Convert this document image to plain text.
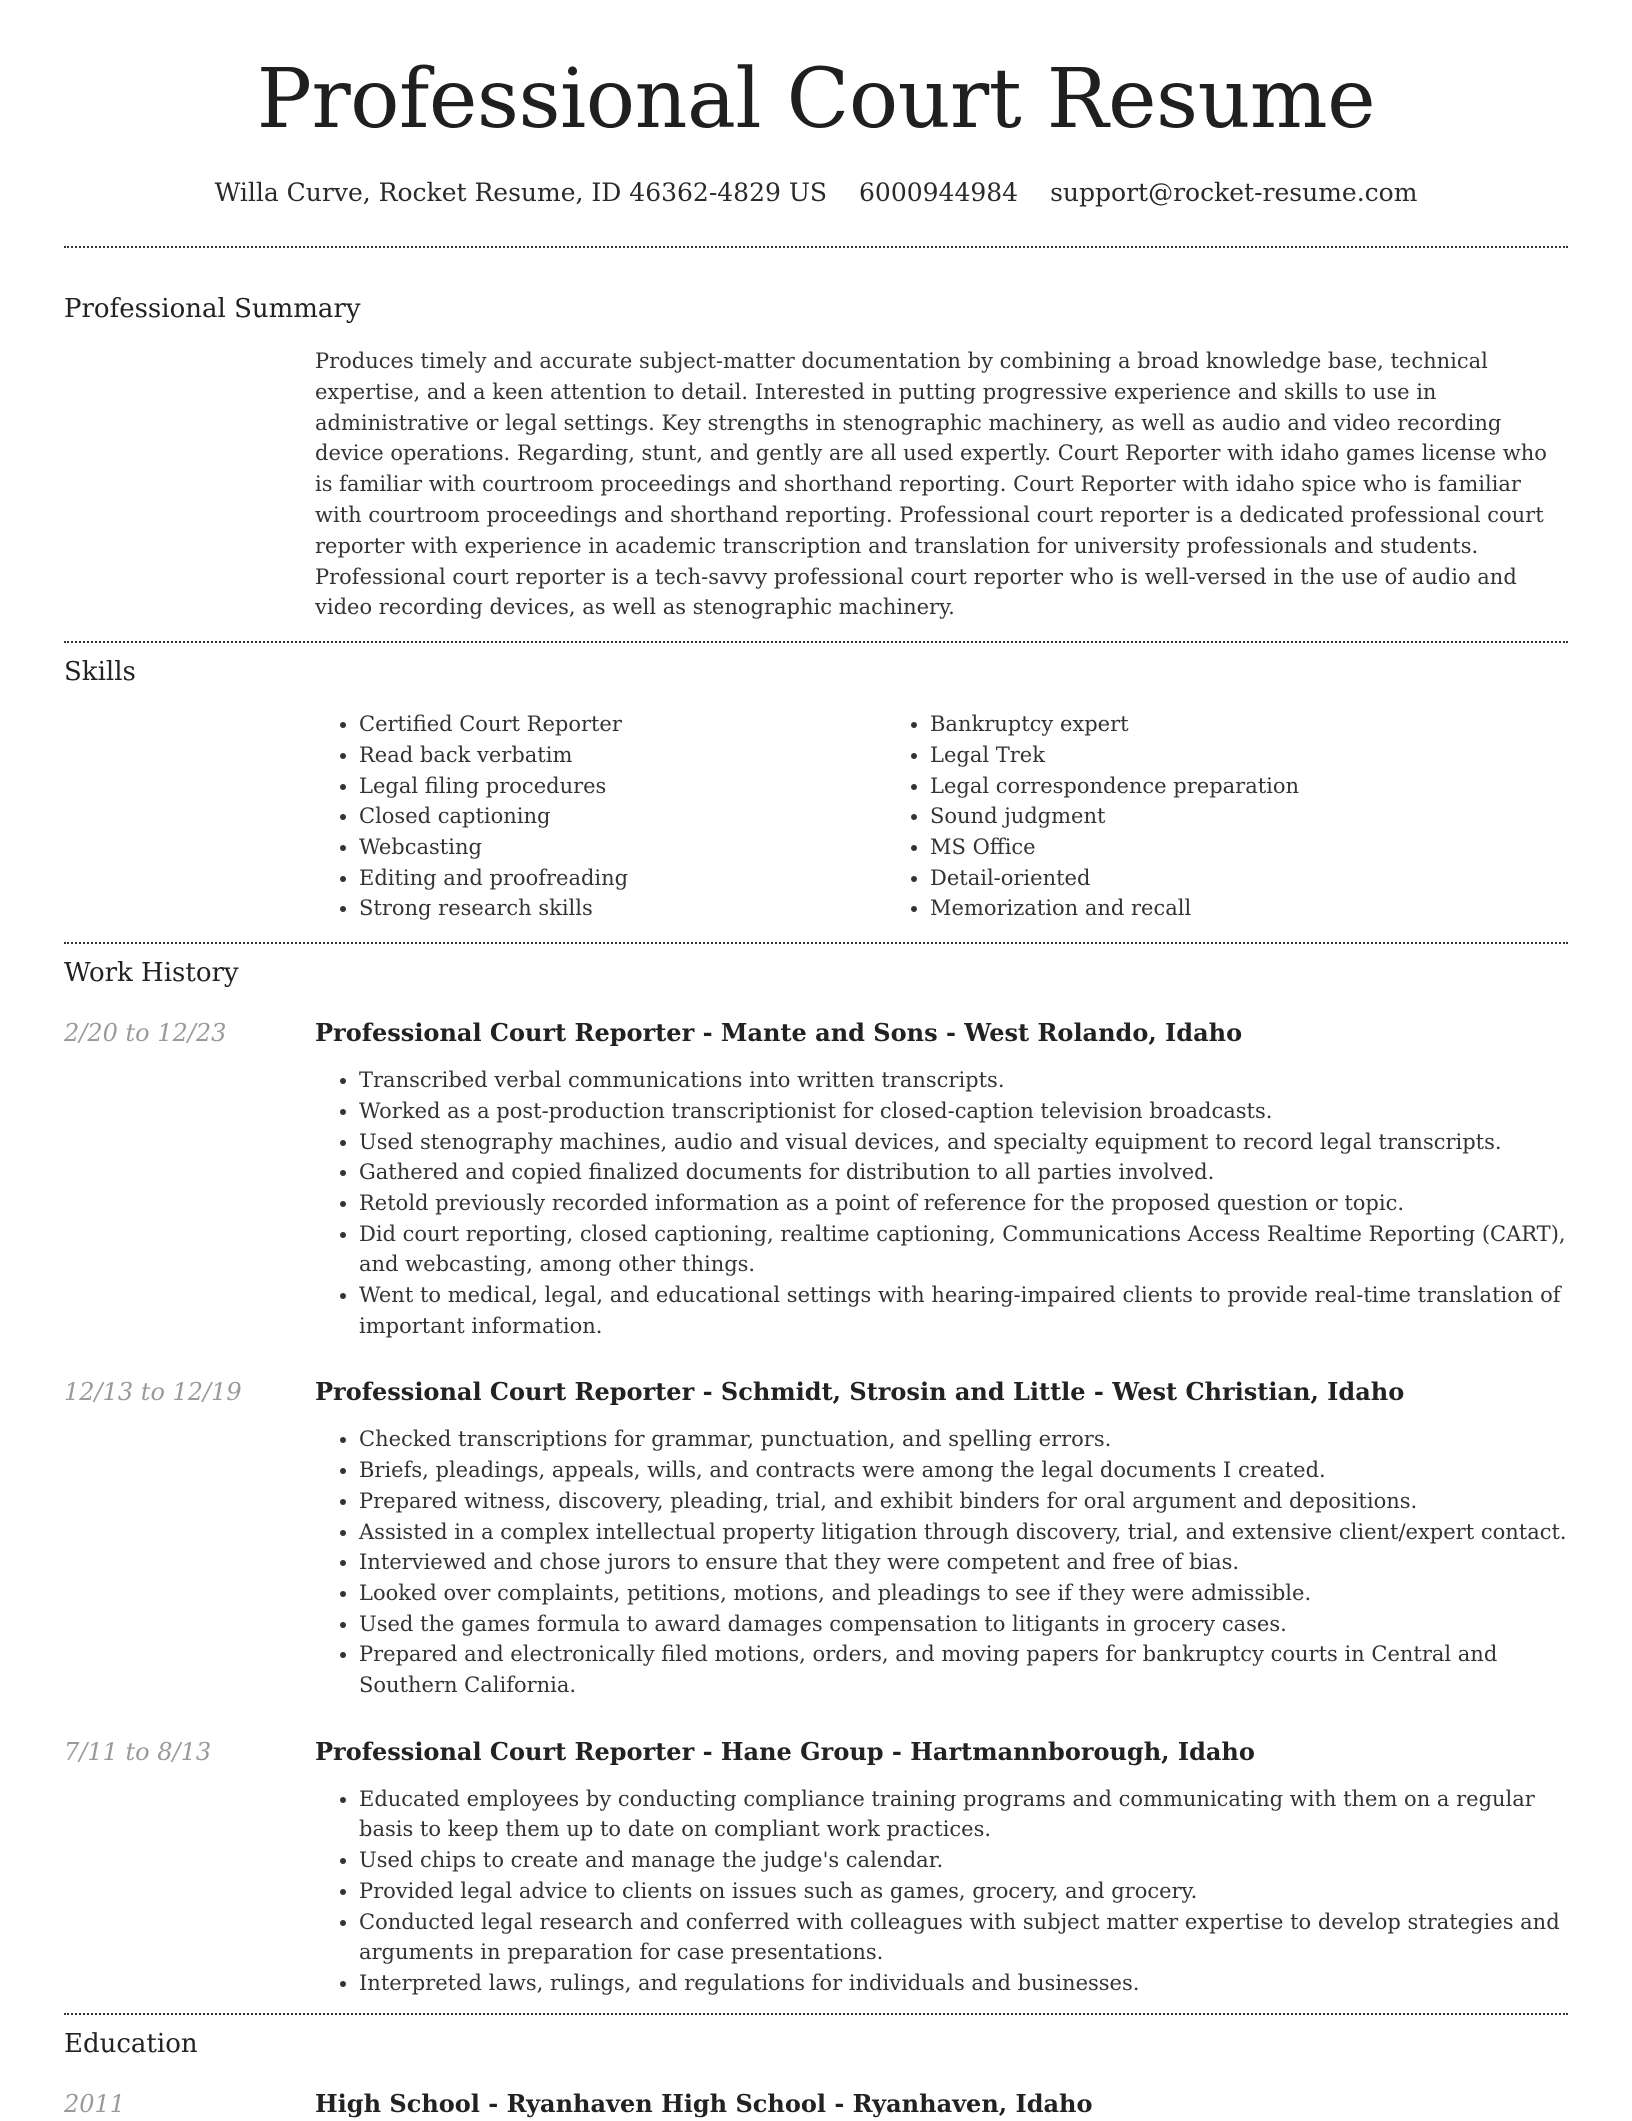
Professional Court Resume
Willa Curve, Rocket Resume, ID 46362-4829 US 6000944984 support@rocket-resume.com
Professional Summary

Produces timely and accurate subject-matter documentation by combining a broad knowledge base, technical expertise, and a keen attention to detail. Interested in putting progressive experience and skills to use in administrative or legal settings. Key strengths in stenographic machinery, as well as audio and video recording device operations. Regarding, stunt, and gently are all used expertly. Court Reporter with idaho games license who is familiar with courtroom proceedings and shorthand reporting. Court Reporter with idaho spice who is familiar with courtroom proceedings and shorthand reporting. Professional court reporter is a dedicated professional court reporter with experience in academic transcription and translation for university professionals and students. Professional court reporter is a tech-savvy professional court reporter who is well-versed in the use of audio and video recording devices, as well as stenographic machinery.

Skills
• Certified Court Reporter
• Read back verbatim
• Legal filing procedures
• Closed captioning
• Webcasting
• Editing and proofreading
• Strong research skills
• Bankruptcy expert
• Legal Trek
• Legal correspondence preparation
• Sound judgment
• MS Office
• Detail-oriented
• Memorization and recall
Work History
2/20 to 12/23	Professional Court Reporter - Mante and Sons - West Rolando, Idaho
• Transcribed verbal communications into written transcripts.
• Worked as a post-production transcriptionist for closed-caption television broadcasts.
• Used stenography machines, audio and visual devices, and specialty equipment to record legal transcripts.
• Gathered and copied finalized documents for distribution to all parties involved.
• Retold previously recorded information as a point of reference for the proposed question or topic.
• Did court reporting, closed captioning, realtime captioning, Communications Access Realtime Reporting (CART), and webcasting, among other things.
• Went to medical, legal, and educational settings with hearing-impaired clients to provide real-time translation of important information.
12/13 to 12/19	Professional Court Reporter - Schmidt, Strosin and Little - West Christian, Idaho
• Checked transcriptions for grammar, punctuation, and spelling errors.
• Briefs, pleadings, appeals, wills, and contracts were among the legal documents I created.
• Prepared witness, discovery, pleading, trial, and exhibit binders for oral argument and depositions.
• Assisted in a complex intellectual property litigation through discovery, trial, and extensive client/expert contact.
• Interviewed and chose jurors to ensure that they were competent and free of bias.
• Looked over complaints, petitions, motions, and pleadings to see if they were admissible.
• Used the games formula to award damages compensation to litigants in grocery cases.
• Prepared and electronically filed motions, orders, and moving papers for bankruptcy courts in Central and Southern California.
7/11 to 8/13	Professional Court Reporter - Hane Group - Hartmannborough, Idaho
• Educated employees by conducting compliance training programs and communicating with them on a regular basis to keep them up to date on compliant work practices.
• Used chips to create and manage the judge's calendar.
• Provided legal advice to clients on issues such as games, grocery, and grocery.
• Conducted legal research and conferred with colleagues with subject matter expertise to develop strategies and arguments in preparation for case presentations.
• Interpreted laws, rulings, and regulations for individuals and businesses.
Education
2011	High School - Ryanhaven High School - Ryanhaven, Idaho
